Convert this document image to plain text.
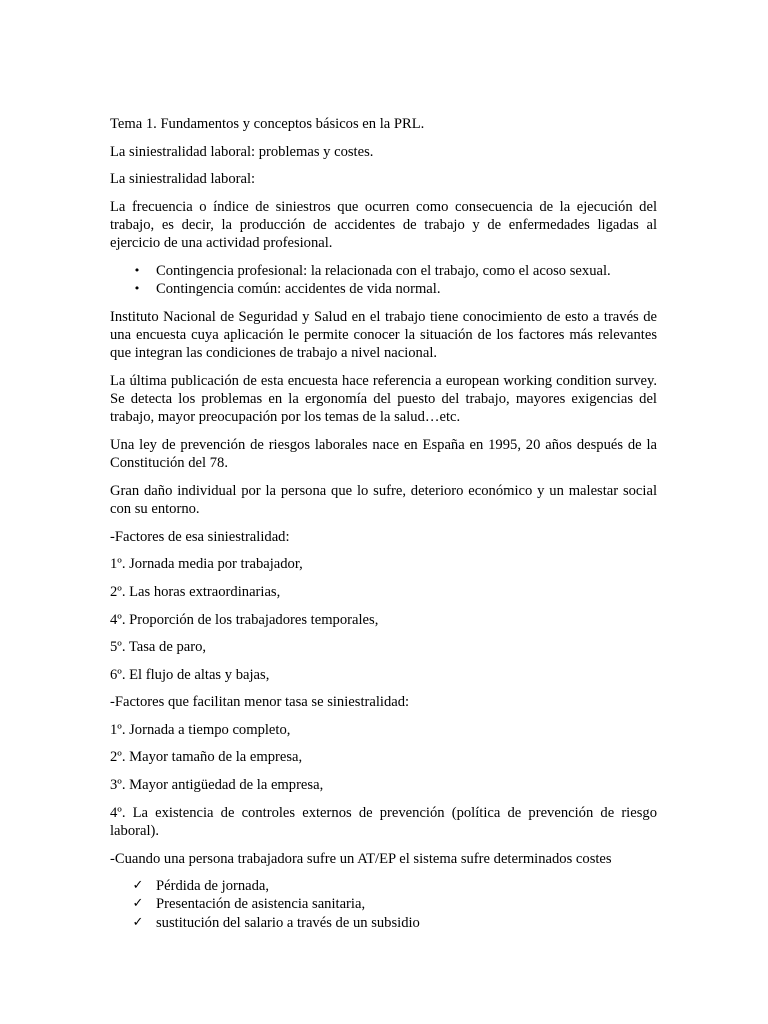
Tema 1. Fundamentos y conceptos básicos en la PRL.

La siniestralidad laboral: problemas y costes.

La siniestralidad laboral:

La frecuencia o índice de siniestros que ocurren como consecuencia de la ejecución del trabajo, es decir, la producción de accidentes de trabajo y de enfermedades ligadas al ejercicio de una actividad profesional.

• Contingencia profesional: la relacionada con el trabajo, como el acoso sexual.
• Contingencia común: accidentes de vida normal.

Instituto Nacional de Seguridad y Salud en el trabajo tiene conocimiento de esto a través de una encuesta cuya aplicación le permite conocer la situación de los factores más relevantes que integran las condiciones de trabajo a nivel nacional.

La última publicación de esta encuesta hace referencia a european working condition survey. Se detecta los problemas en la ergonomía del puesto del trabajo, mayores exigencias del trabajo, mayor preocupación por los temas de la salud…etc.

Una ley de prevención de riesgos laborales nace en España en 1995, 20 años después de la Constitución del 78.

Gran daño individual por la persona que lo sufre, deterioro económico y un malestar social con su entorno.

-Factores de esa siniestralidad:

1º. Jornada media por trabajador,

2º. Las horas extraordinarias,

4º. Proporción de los trabajadores temporales,

5º. Tasa de paro,

6º. El flujo de altas y bajas,

-Factores que facilitan menor tasa se siniestralidad:

1º. Jornada a tiempo completo,

2º. Mayor tamaño de la empresa,

3º. Mayor antigüedad de la empresa,

4º. La existencia de controles externos de prevención (política de prevención de riesgo laboral).

-Cuando una persona trabajadora sufre un AT/EP el sistema sufre determinados costes

✓ Pérdida de jornada,
✓ Presentación de asistencia sanitaria,
✓ sustitución del salario a través de un subsidio
